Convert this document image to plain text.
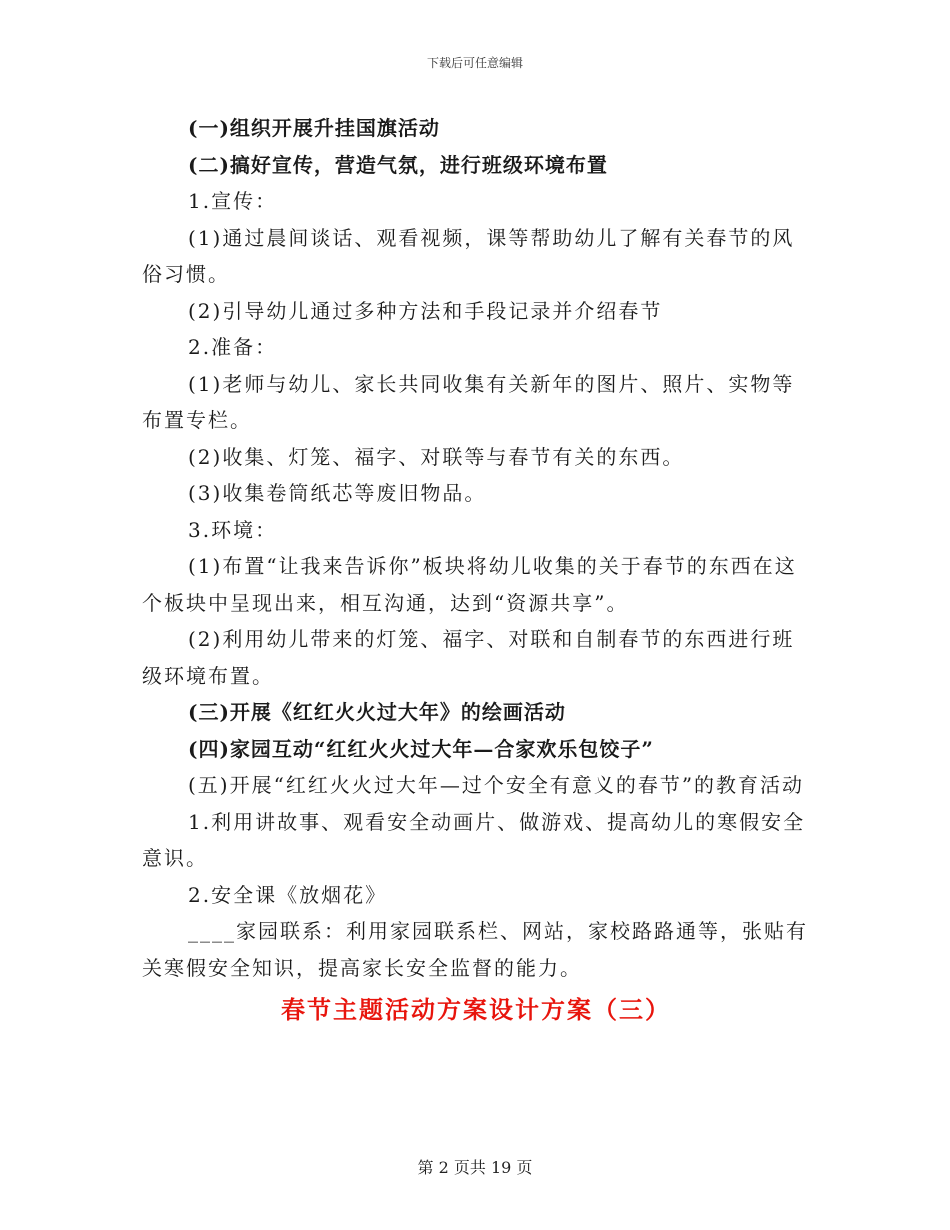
下载后可任意编辑

(一)组织开展升挂国旗活动

(二)搞好宣传，营造气氛，进行班级环境布置

1.宣传：

(1)通过晨间谈话、观看视频，课等帮助幼儿了解有关春节的风俗习惯。

(2)引导幼儿通过多种方法和手段记录并介绍春节

2.准备：

(1)老师与幼儿、家长共同收集有关新年的图片、照片、实物等布置专栏。

(2)收集、灯笼、福字、对联等与春节有关的东西。

(3)收集卷筒纸芯等废旧物品。

3.环境：

(1)布置“让我来告诉你”板块将幼儿收集的关于春节的东西在这个板块中呈现出来，相互沟通，达到“资源共享”。

(2)利用幼儿带来的灯笼、福字、对联和自制春节的东西进行班级环境布置。

(三)开展《红红火火过大年》的绘画活动

(四)家园互动“红红火火过大年—合家欢乐包饺子”

(五)开展“红红火火过大年—过个安全有意义的春节”的教育活动

1.利用讲故事、观看安全动画片、做游戏、提高幼儿的寒假安全意识。

2.安全课《放烟花》

____家园联系：利用家园联系栏、网站，家校路路通等，张贴有关寒假安全知识，提高家长安全监督的能力。

春节主题活动方案设计方案（三）
第 2 页共 19 页
